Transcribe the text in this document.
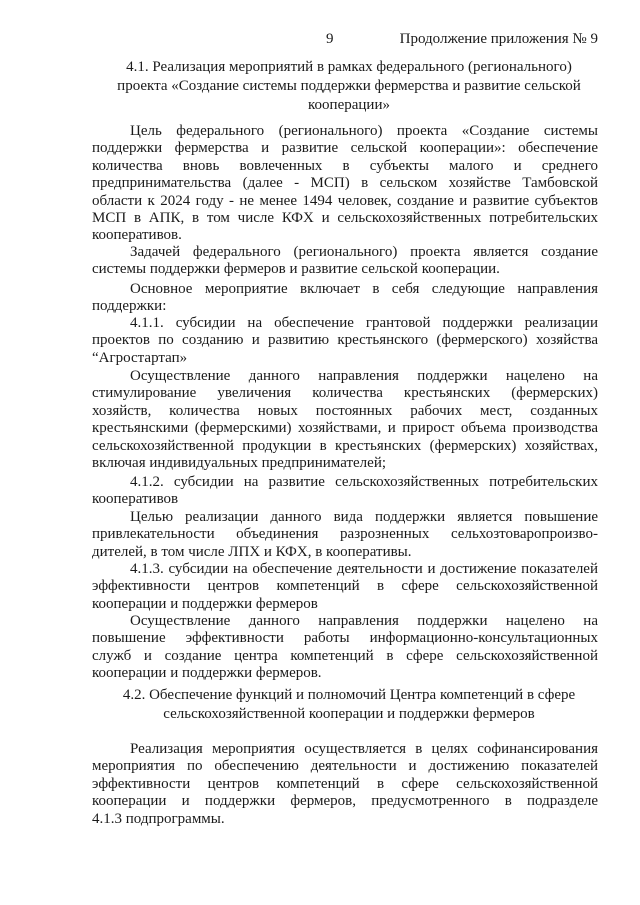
9	Продолжение приложения № 9
4.1. Реализация мероприятий в рамках федерального (регионального)
проекта «Создание системы поддержки фермерства и развитие сельской
кооперации»
Цель федерального (регионального) проекта «Создание системы
поддержки фермерства и развитие сельской кооперации»: обеспечение
количества вновь вовлеченных в субъекты малого и среднего
предпринимательства (далее - МСП) в сельском хозяйстве Тамбовской
области к 2024 году - не менее 1494 человек, создание и развитие субъектов
МСП в АПК, в том числе КФХ и сельскохозяйственных потребительских
кооперативов.
Задачей федерального (регионального) проекта является создание
системы поддержки фермеров и развитие сельской кооперации.
Основное мероприятие включает в себя следующие направления
поддержки:
4.1.1. субсидии на обеспечение грантовой поддержки реализации
проектов по созданию и развитию крестьянского (фермерского) хозяйства
“Агростартап»
Осуществление данного направления поддержки нацелено на
стимулирование увеличения количества крестьянских (фермерских)
хозяйств, количества новых постоянных рабочих мест, созданных
крестьянскими (фермерскими) хозяйствами, и прирост объема производства
сельскохозяйственной продукции в крестьянских (фермерских) хозяйствах,
включая индивидуальных предпринимателей;
4.1.2. субсидии на развитие сельскохозяйственных потребительских
кооперативов
Целью реализации данного вида поддержки является повышение
привлекательности объединения разрозненных сельхозтоваропроизво-
дителей, в том числе ЛПХ и КФХ, в кооперативы.
4.1.3. субсидии на обеспечение деятельности и достижение показателей
эффективности центров компетенций в сфере сельскохозяйственной
кооперации и поддержки фермеров
Осуществление данного направления поддержки нацелено на
повышение эффективности работы информационно-консультационных
служб и создание центра компетенций в сфере сельскохозяйственной
кооперации и поддержки фермеров.
4.2. Обеспечение функций и полномочий Центра компетенций в сфере
сельскохозяйственной кооперации и поддержки фермеров
Реализация мероприятия осуществляется в целях софинансирования
мероприятия по обеспечению деятельности и достижению показателей
эффективности центров компетенций в сфере сельскохозяйственной
кооперации и поддержки фермеров, предусмотренного в подразделе
4.1.3 подпрограммы.
